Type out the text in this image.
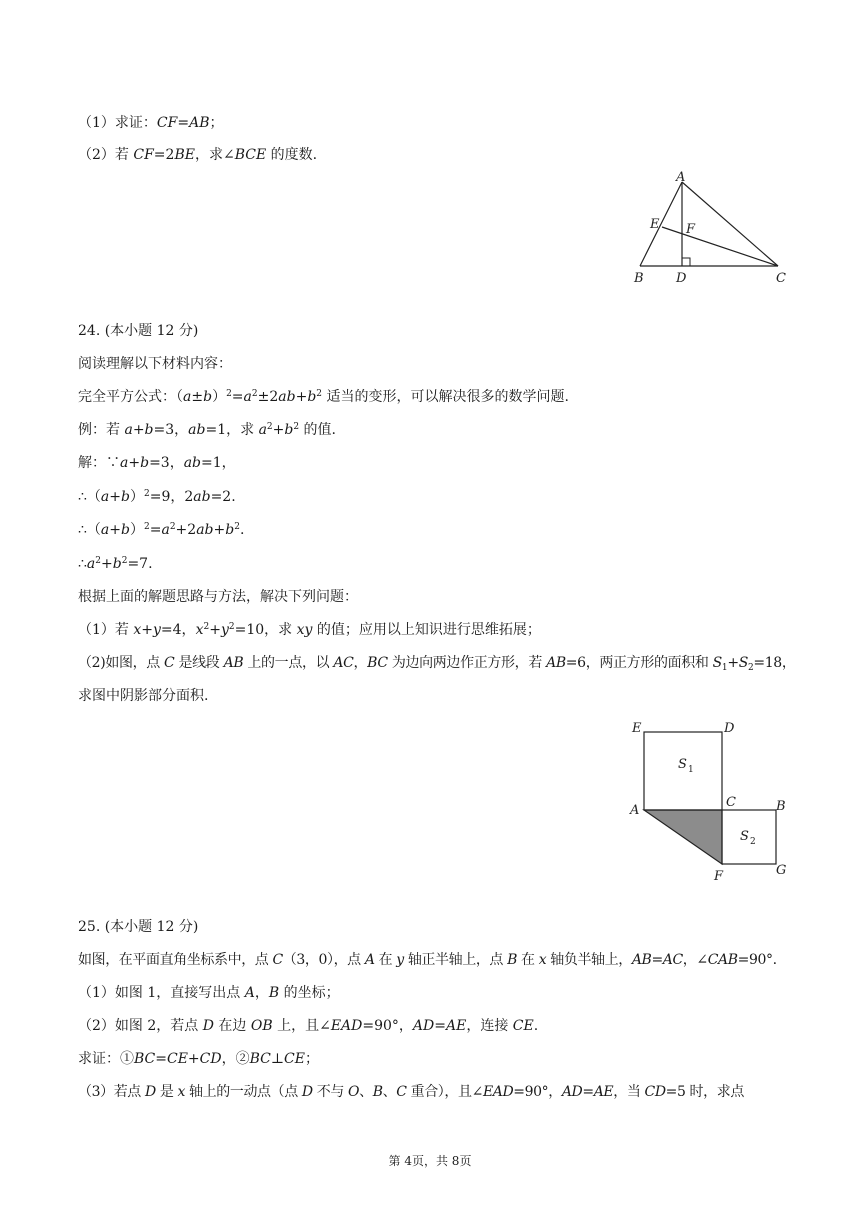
（1）求证：CF=AB；
（2）若 CF=2BE，求∠BCE 的度数.
A
E F
B D	C
24. (本小题 12 分)
阅读理解以下材料内容：
完全平方公式：$(a\pm b)^2=a^2\pm 2ab+b^2$ 适当的变形，可以解决很多的数学问题.
例：若 a+b=3，ab=1，求 $a^2+b^2$ 的值.
解：∵a+b=3，ab=1，
$\therefore(a+b)^2=9$，2ab=2.
$\therefore(a+b)^2=a^2+2ab+b^2$.
$\therefore a^2+b^2=7$.
根据上面的解题思路与方法，解决下列问题：
（1）若 x+y=4，$x^2+y^2=10$，求 xy 的值；应用以上知识进行思维拓展；
（2)如图，点 C 是线段 AB 上的一点，以 AC，BC 为边向两边作正方形，若 AB=6，两正方形的面积和 $S_1+S_2=18$，
求图中阴影部分面积.
E	D
S 1
A
C	B
S 2
F	G
25. (本小题 12 分)
如图，在平面直角坐标系中，点 C（3，0），点 A 在 y 轴正半轴上，点 B 在 x 轴负半轴上，AB=AC，∠CAB=90°.
（1）如图 1，直接写出点 A，B 的坐标；
（2）如图 2，若点 D 在边 OB 上，且∠EAD=90°，AD=AE，连接 CE.
求证：①BC=CE+CD，②BC⊥CE；
（3）若点 D 是 x 轴上的一动点（点 D 不与 O、B、C 重合），且∠EAD=90°，AD=AE，当 CD=5 时，求点
第 4页，共 8页
